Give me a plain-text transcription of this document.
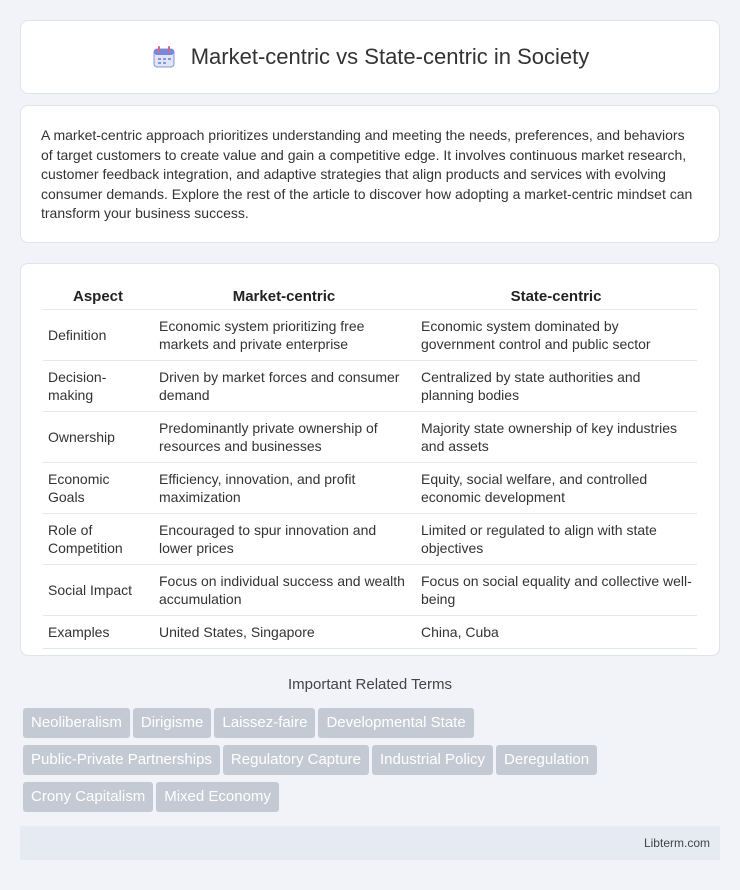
Market-centric vs State-centric in Society

A market-centric approach prioritizes understanding and meeting the needs, preferences, and behaviors of target customers to create value and gain a competitive edge. It involves continuous market research, customer feedback integration, and adaptive strategies that align products and services with evolving consumer demands. Explore the rest of the article to discover how adopting a market-centric mindset can transform your business success.

Aspect	Market-centric	State-centric
Definition	Economic system prioritizing free markets and private enterprise	Economic system dominated by government control and public sector
Decision-making	Driven by market forces and consumer demand	Centralized by state authorities and planning bodies
Ownership	Predominantly private ownership of resources and businesses	Majority state ownership of key industries and assets
Economic Goals	Efficiency, innovation, and profit maximization	Equity, social welfare, and controlled economic development
Role of Competition	Encouraged to spur innovation and lower prices	Limited or regulated to align with state objectives
Social Impact	Focus on individual success and wealth accumulation	Focus on social equality and collective well-being
Examples	United States, Singapore	China, Cuba
Important Related Terms
Neoliberalism Dirigisme Laissez-faire Developmental State
Public-Private Partnerships Regulatory Capture Industrial Policy Deregulation
Crony Capitalism Mixed Economy
Libterm.com
